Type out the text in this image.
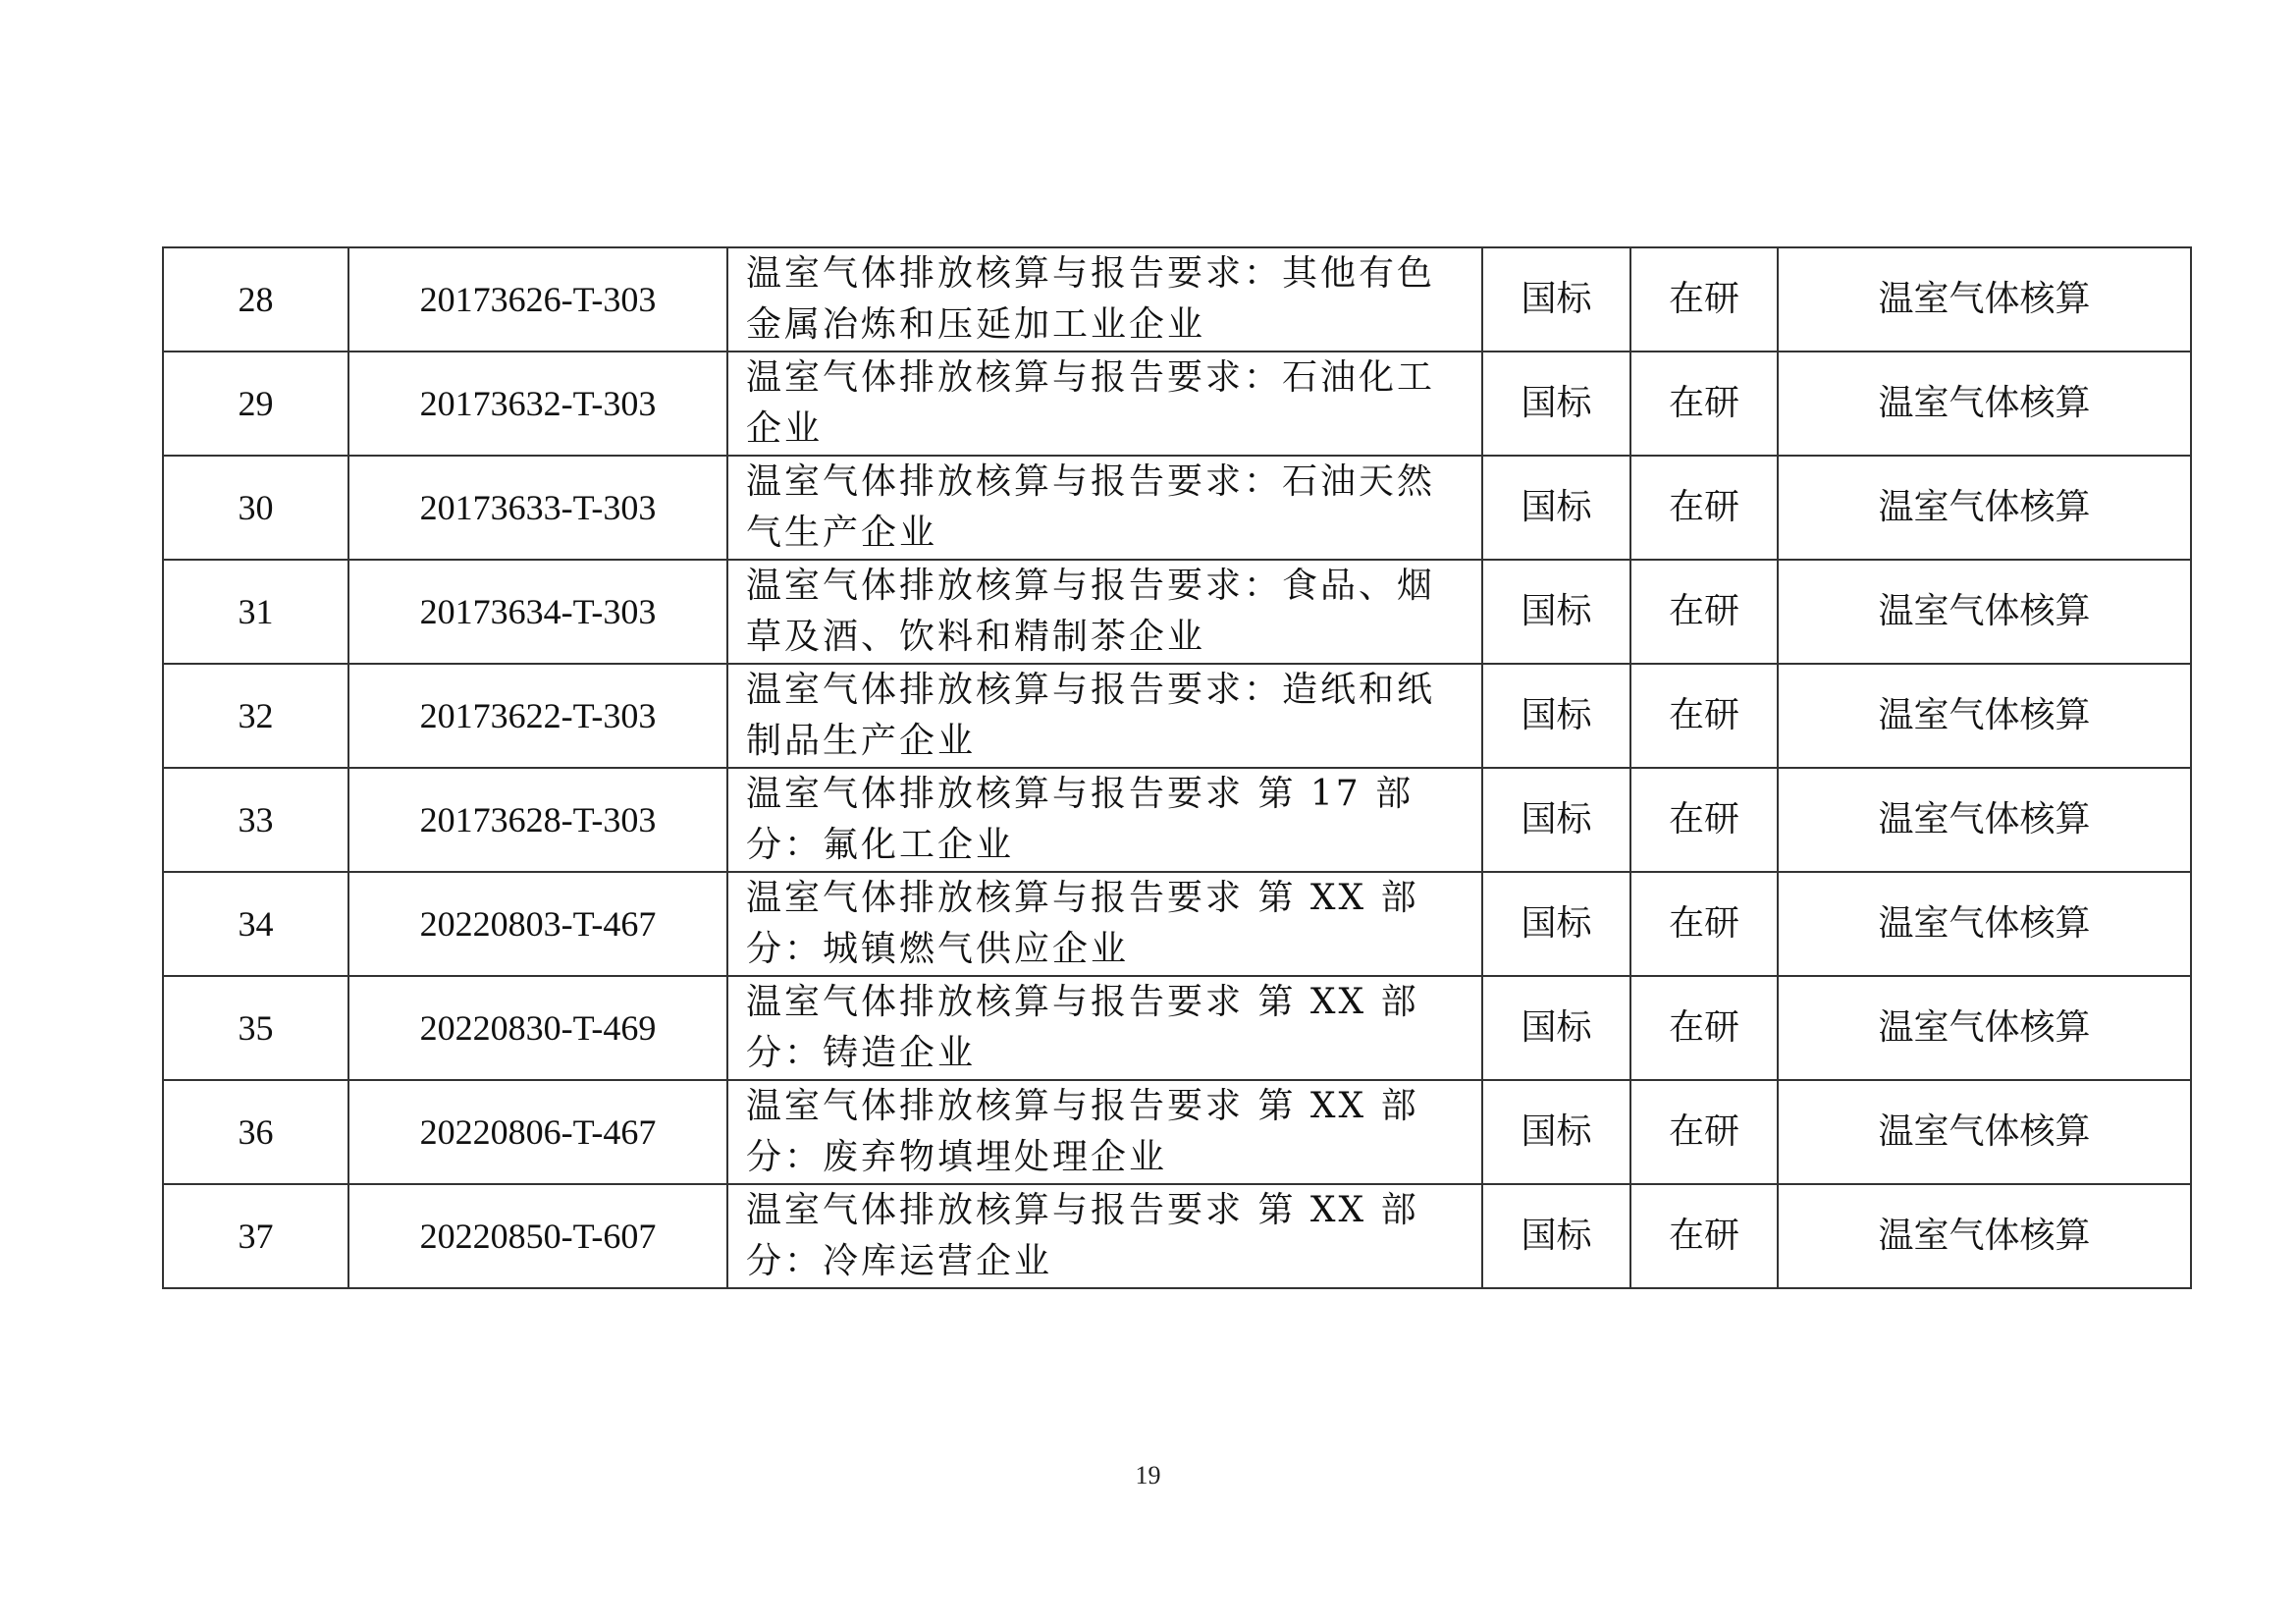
28	20173626-T-303	温室气体排放核算与报告要求：其他有色金属冶炼和压延加工业企业	国标	在研	温室气体核算
29	20173632-T-303	温室气体排放核算与报告要求：石油化工企业	国标	在研	温室气体核算
30	20173633-T-303	温室气体排放核算与报告要求：石油天然气生产企业	国标	在研	温室气体核算
31	20173634-T-303	温室气体排放核算与报告要求：食品、烟草及酒、饮料和精制茶企业	国标	在研	温室气体核算
32	20173622-T-303	温室气体排放核算与报告要求：造纸和纸制品生产企业	国标	在研	温室气体核算
33	20173628-T-303	温室气体排放核算与报告要求 第 17 部分：氟化工企业	国标	在研	温室气体核算
34	20220803-T-467	温室气体排放核算与报告要求 第 XX 部分：城镇燃气供应企业	国标	在研	温室气体核算
35	20220830-T-469	温室气体排放核算与报告要求 第 XX 部分：铸造企业	国标	在研	温室气体核算
36	20220806-T-467	温室气体排放核算与报告要求 第 XX 部分：废弃物填埋处理企业	国标	在研	温室气体核算
37	20220850-T-607	温室气体排放核算与报告要求 第 XX 部分：冷库运营企业	国标	在研	温室气体核算
19
